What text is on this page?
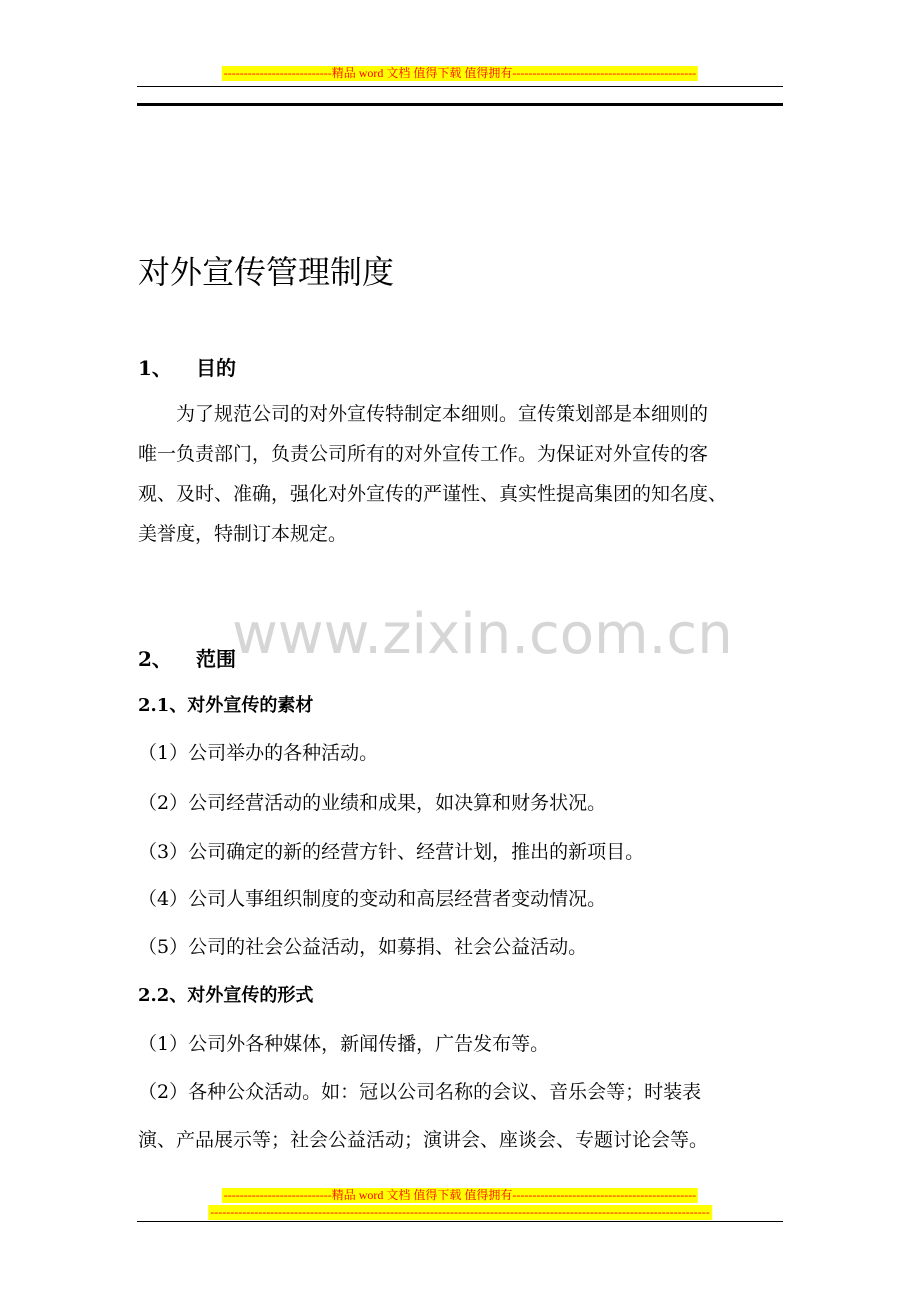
---------------------------精品 word 文档 值得下载 值得拥有----------------------------------------------
对外宣传管理制度
1、 目的
　　为了规范公司的对外宣传特制定本细则。宣传策划部是本细则的
唯一负责部门，负责公司所有的对外宣传工作。为保证对外宣传的客
观、及时、准确，强化对外宣传的严谨性、真实性提高集团的知名度、
美誉度，特制订本规定。
www.zixin.com.cn
2、 范围
2.1、对外宣传的素材

（1）公司举办的各种活动。

（2）公司经营活动的业绩和成果，如决算和财务状况。

（3）公司确定的新的经营方针、经营计划，推出的新项目。

（4）公司人事组织制度的变动和高层经营者变动情况。

（5）公司的社会公益活动，如募捐、社会公益活动。

2.2、对外宣传的形式

（1）公司外各种媒体，新闻传播，广告发布等。

（2）各种公众活动。如：冠以公司名称的会议、音乐会等；时装表

演、产品展示等；社会公益活动；演讲会、座谈会、专题讨论会等。

---------------------------精品 word 文档 值得下载 值得拥有----------------------------------------------
-----------------------------------------------------------------------------------------------------------------------------
